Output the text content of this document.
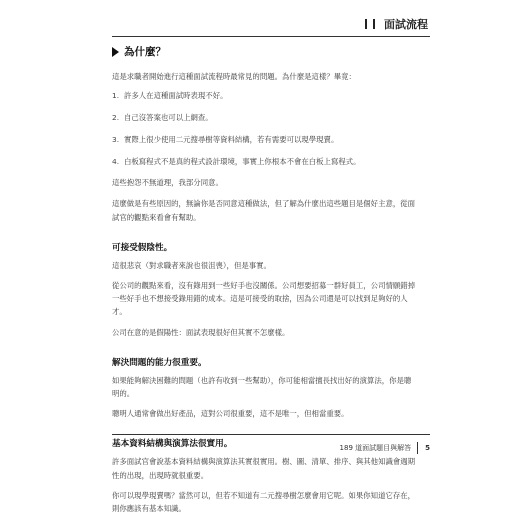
面試流程
為什麼？

這是求職者開始進行這種面試流程時最常見的問題。為什麼是這樣？畢竟：

1. 許多人在這種面試時表現不好。
2. 自己沒答案也可以上網查。
3. 實際上很少使用二元搜尋樹等資料結構，若有需要可以現學現賣。
4. 白板寫程式不是真的程式設計環境，事實上你根本不會在白板上寫程式。

這些抱怨不無道理，我部分同意。

這麼做是有些原因的，無論你是否同意這種做法，但了解為什麼出這些題目是個好主意，從面試官的觀點來看會有幫助。

可接受假陰性。

這很悲哀（對求職者來說也很沮喪），但是事實。

從公司的觀點來看，沒有錄用到一些好手也沒關係。公司想要招募一群好員工，公司情願錯掉一些好手也不想接受錄用錯的成本。這是可接受的取捨，因為公司還是可以找到足夠好的人才。

公司在意的是假陽性：面試表現很好但其實不怎麼樣。

解決問題的能力很重要。

如果能夠解決困難的問題（也許有收到一些幫助），你可能相當擅長找出好的演算法，你是聰明的。

聰明人通常會做出好產品，這對公司很重要，這不是唯一，但相當重要。

基本資料結構與演算法很實用。

許多面試官會說基本資料結構與演算法其實很實用。樹、圖、清單、排序、與其他知識會週期性的出現，出現時就很重要。

你可以現學現賣嗎？當然可以，但若不知道有二元搜尋樹怎麼會用它呢。如果你知道它存在，則你應該有基本知識。

189 道面試題目與解答	5
